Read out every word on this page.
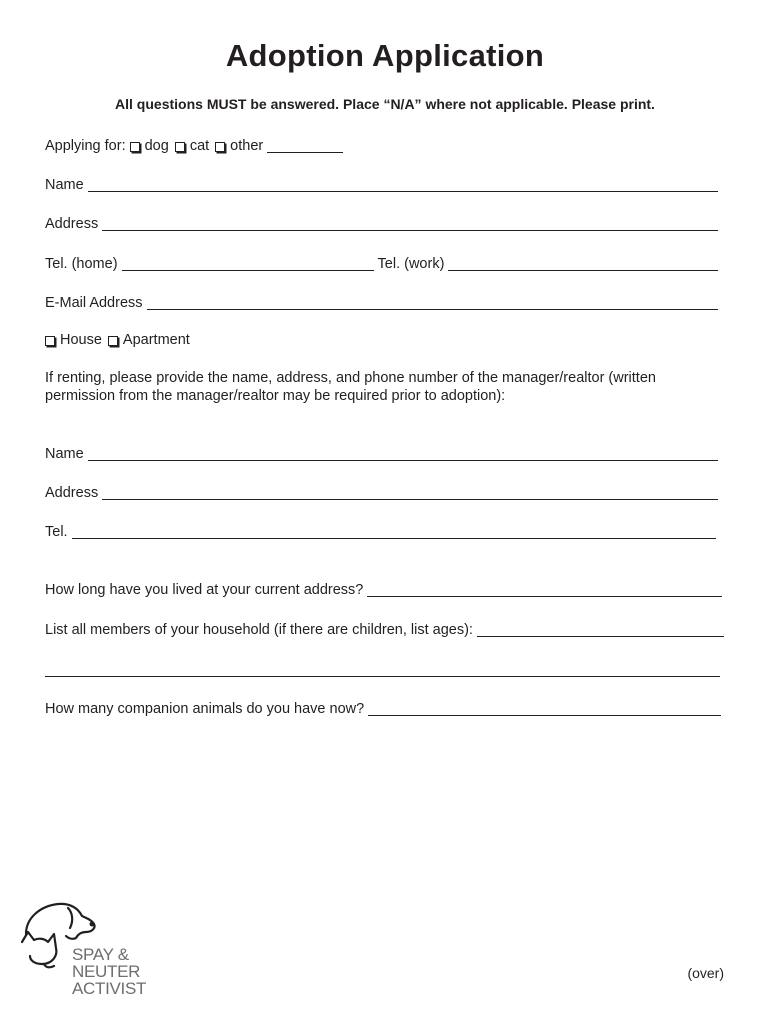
Adoption Application
All questions MUST be answered. Place “N/A” where not applicable. Please print.
Applying for: dog cat other
Name
Address
Tel. (home)	Tel. (work)
E-Mail Address
House Apartment
If renting, please provide the name, address, and phone number of the manager/realtor (written permission from the manager/realtor may be required prior to adoption):
Name
Address
Tel.
How long have you lived at your current address?
List all members of your household (if there are children, list ages):
How many companion animals do you have now?
SPAY &
NEUTER
ACTIVIST
(over)
